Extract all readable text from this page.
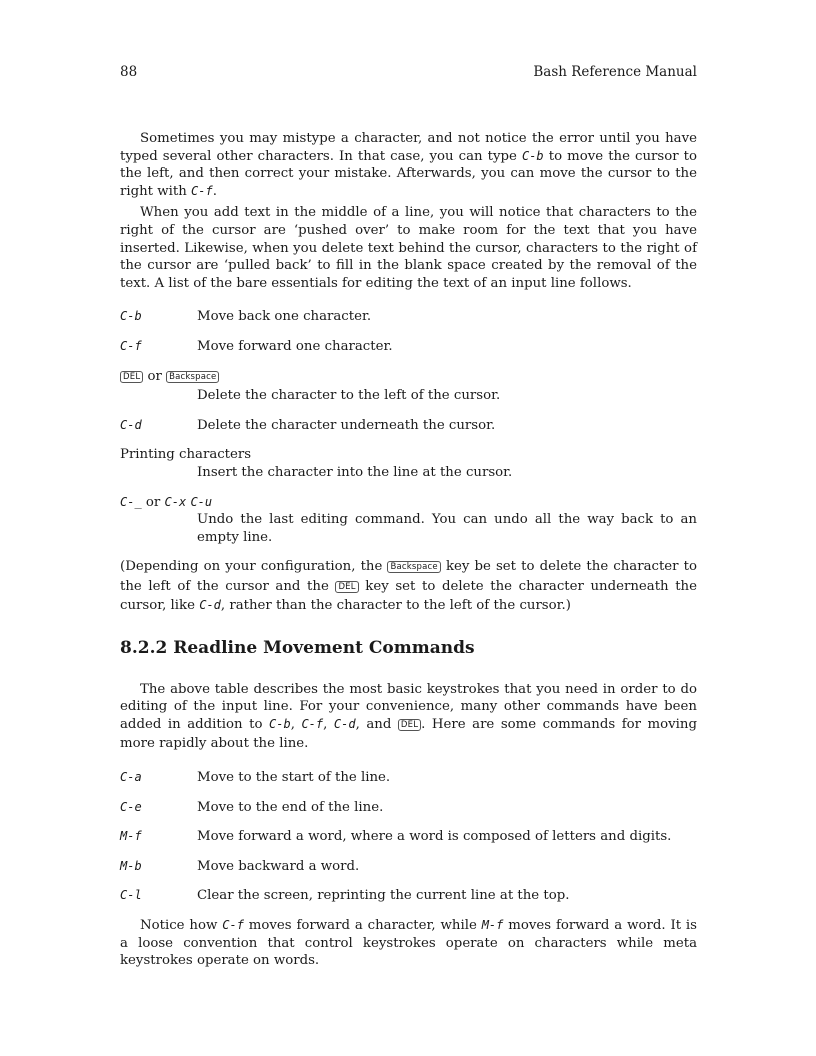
88	Bash Reference Manual

Sometimes you may mistype a character, and not notice the error until you have typed several other characters. In that case, you can type C-b to move the cursor to the left, and then correct your mistake. Afterwards, you can move the cursor to the right with C-f.

When you add text in the middle of a line, you will notice that characters to the right of the cursor are ‘pushed over’ to make room for the text that you have inserted. Likewise, when you delete text behind the cursor, characters to the right of the cursor are ‘pulled back’ to fill in the blank space created by the removal of the text. A list of the bare essentials for editing the text of an input line follows.

C-b	Move back one character.
C-f	Move forward one character.
DEL or Backspace
Delete the character to the left of the cursor.
C-d	Delete the character underneath the cursor.
Printing characters
Insert the character into the line at the cursor.
C-_ or C-x C-u
Undo the last editing command. You can undo all the way back to an empty line.

(Depending on your configuration, the Backspace key be set to delete the character to the left of the cursor and the DEL key set to delete the character underneath the cursor, like C-d, rather than the character to the left of the cursor.)

8.2.2 Readline Movement Commands

The above table describes the most basic keystrokes that you need in order to do editing of the input line. For your convenience, many other commands have been added in addition to C-b, C-f, C-d, and DEL . Here are some commands for moving more rapidly about the line.

C-a	Move to the start of the line.
C-e	Move to the end of the line.
M-f	Move forward a word, where a word is composed of letters and digits.
M-b	Move backward a word.
C-l	Clear the screen, reprinting the current line at the top.

Notice how C-f moves forward a character, while M-f moves forward a word. It is a loose convention that control keystrokes operate on characters while meta keystrokes operate on words.
